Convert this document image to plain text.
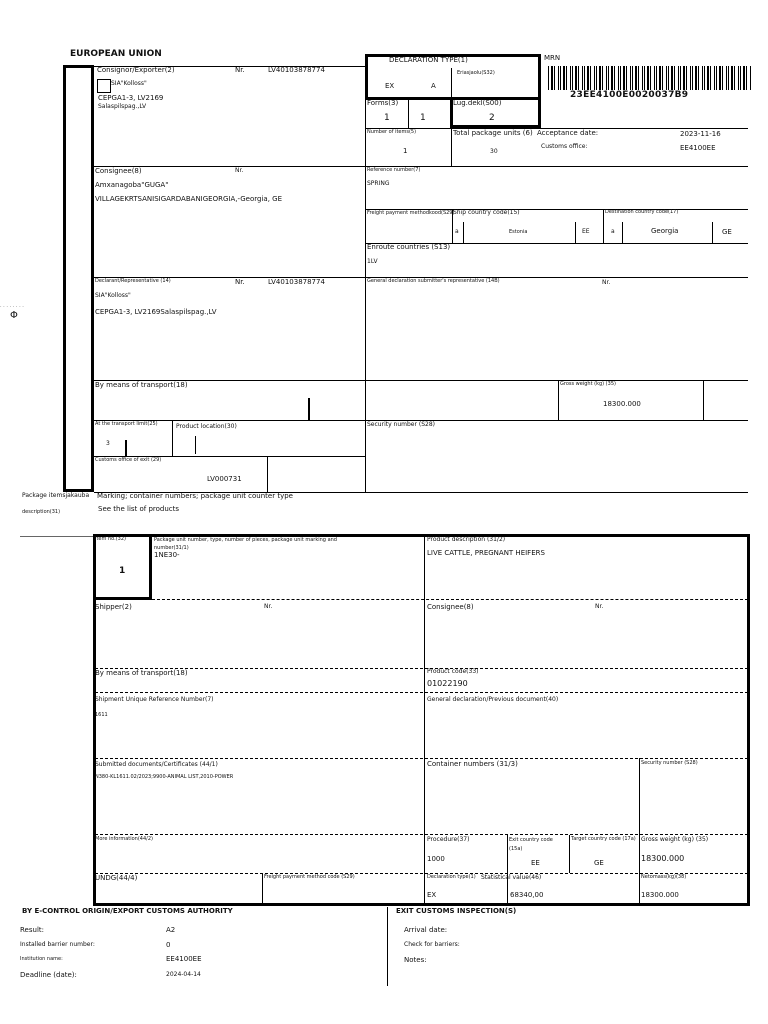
EUROPEAN UNION	MRN
23EE4100E0020037B9
Φ
· · · · · · · ·
Consignor/Exporter(2)	Nr.	LV40103878774
SIA"Kolloss"
CEPGA1-3, LV2169
Salaspilspag.,LV
DECLARATION TYPE(1)
EX	A
Eriasjaolu(S32)
Forms(3)
1	1
Lug.dekl(S00)
2
Number of items(5)
1
Total package units (6)
30
Acceptance date:	2023-11-16
Customs office:	EE4100EE
Consignee(8)	Nr.
Amxanagoba"GUGA"
VILLAGEKRTSANISIGARDABANIGEORGIA,-Georgia, GE
Reference number(7)
SPRING
Freight payment methodkood(S29)
Ship country code(15)
a	Estonia	EE
Destination country code(17)
a	Georgia	GE
Enroute countries (S13)
1LV
Declarant/Representative (14)	Nr.	LV40103878774
SIA"Kolloss"
CEPGA1-3, LV2169Salaspilspag.,LV
General declaration submitter's representative (14B)	Nr.
By means of transport(18)	Gross weight (kg) (35)
18300.000
At the transport limit(25)
3
Product location(30)	Security number (S28)
Customs office of exit (29)
LV000731
Package itemsjakauba
description(31)
Marking; container numbers; package unit counter type
See the list of products
Item no.(32)
1
Package unit number, type, number of pieces, package unit marking and number(31/1)
1NE30-
Product description (31/2)
LIVE CATTLE, PREGNANT HEIFERS
Shipper(2)	Nr.	Consignee(8)	Nr.
By means of transport(18)	Product code(33)
01022190
Shipment Unique Reference Number(7)
1611
General declaration/Previous document(40)
Submitted documents/Certificates (44/1)
N380-KL1611.02/2023;9900-ANIMAL LIST,2010-POWER
Container numbers (31/3)	Security number (S28)
More information(44/2)	Procedure(37)
1000
Exit country code (15a)
EE
Target country code (17a)
GE
Gross weight (kg) (35)
18300.000
UNDG(44/4)	Freight payment method code (S29)	Declaration type(1)
EX
Statistical value(46)
68340,00
Netomass(kg)(38)
18300.000
BY E-CONTROL ORIGIN/EXPORT CUSTOMS AUTHORITY
Result:	A2
Installed barrier number:	0
Institution name:	EE4100EE
Deadline (date):	2024-04-14
EXIT CUSTOMS INSPECTION(S)
Arrival date:
Check for barriers:
Notes:
